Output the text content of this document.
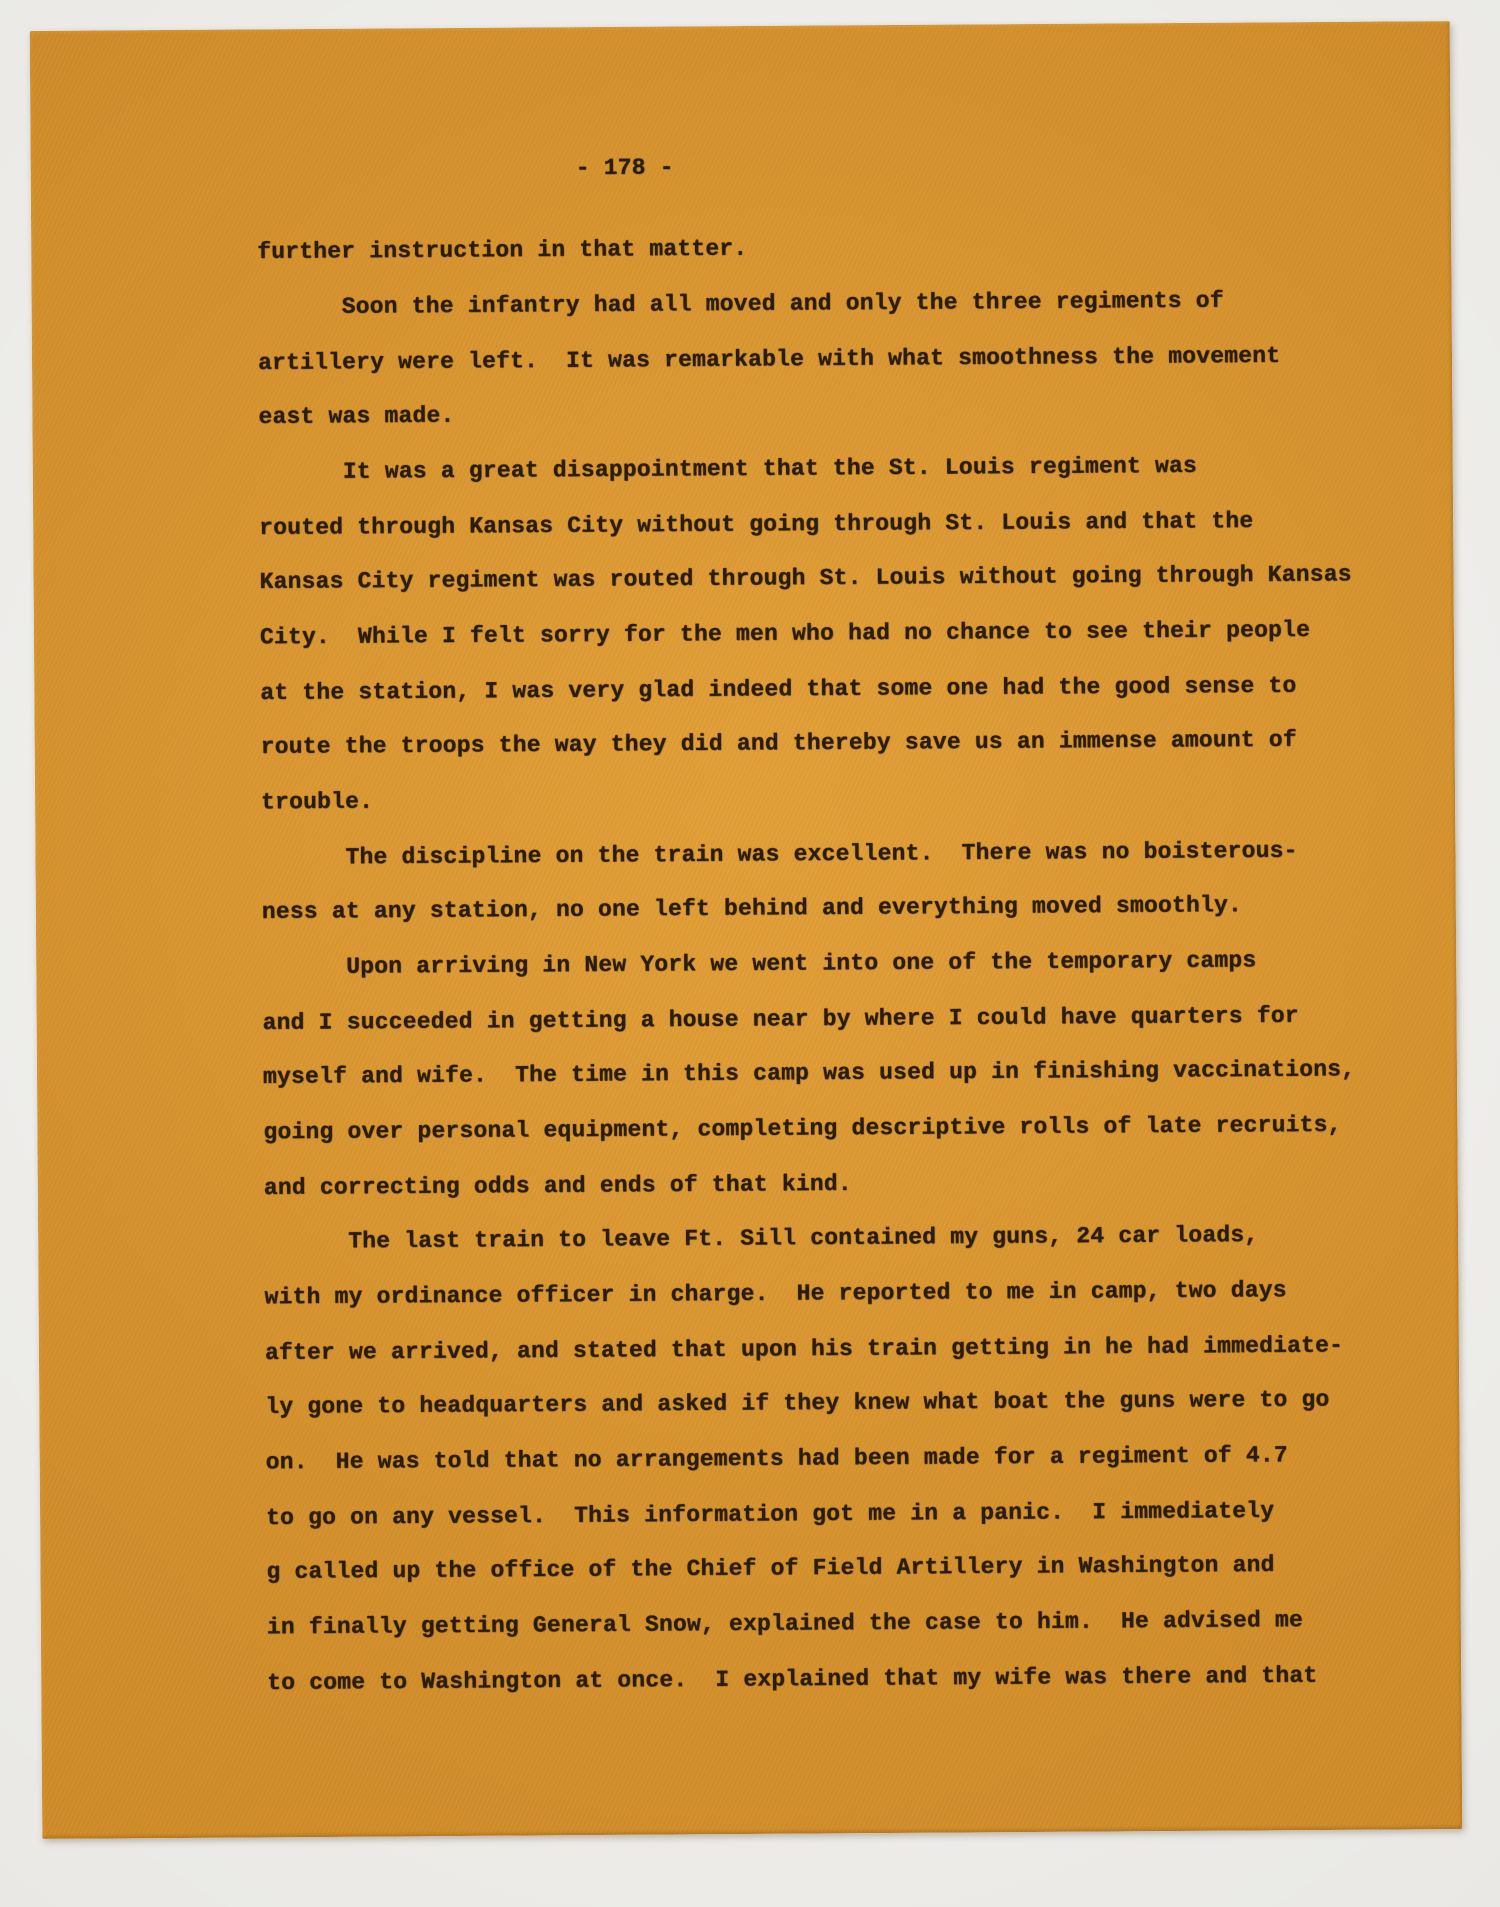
- 178 -
further instruction in that matter.
Soon the infantry had all moved and only the three regiments of
artillery were left.  It was remarkable with what smoothness the movement
east was made.
It was a great disappointment that the St. Louis regiment was
routed through Kansas City without going through St. Louis and that the
Kansas City regiment was routed through St. Louis without going through Kansas
City.  While I felt sorry for the men who had no chance to see their people
at the station, I was very glad indeed that some one had the good sense to
route the troops the way they did and thereby save us an immense amount of
trouble.
The discipline on the train was excellent.  There was no boisterous-
ness at any station, no one left behind and everything moved smoothly.
Upon arriving in New York we went into one of the temporary camps
and I succeeded in getting a house near by where I could have quarters for
myself and wife.  The time in this camp was used up in finishing vaccinations,
going over personal equipment, completing descriptive rolls of late recruits,
and correcting odds and ends of that kind.
The last train to leave Ft. Sill contained my guns, 24 car loads,
with my ordinance officer in charge.  He reported to me in camp, two days
after we arrived, and stated that upon his train getting in he had immediate-
ly gone to headquarters and asked if they knew what boat the guns were to go
on.  He was told that no arrangements had been made for a regiment of 4.7
to go on any vessel.  This information got me in a panic.  I immediately
g called up the office of the Chief of Field Artillery in Washington and
in finally getting General Snow, explained the case to him.  He advised me
to come to Washington at once.  I explained that my wife was there and that
